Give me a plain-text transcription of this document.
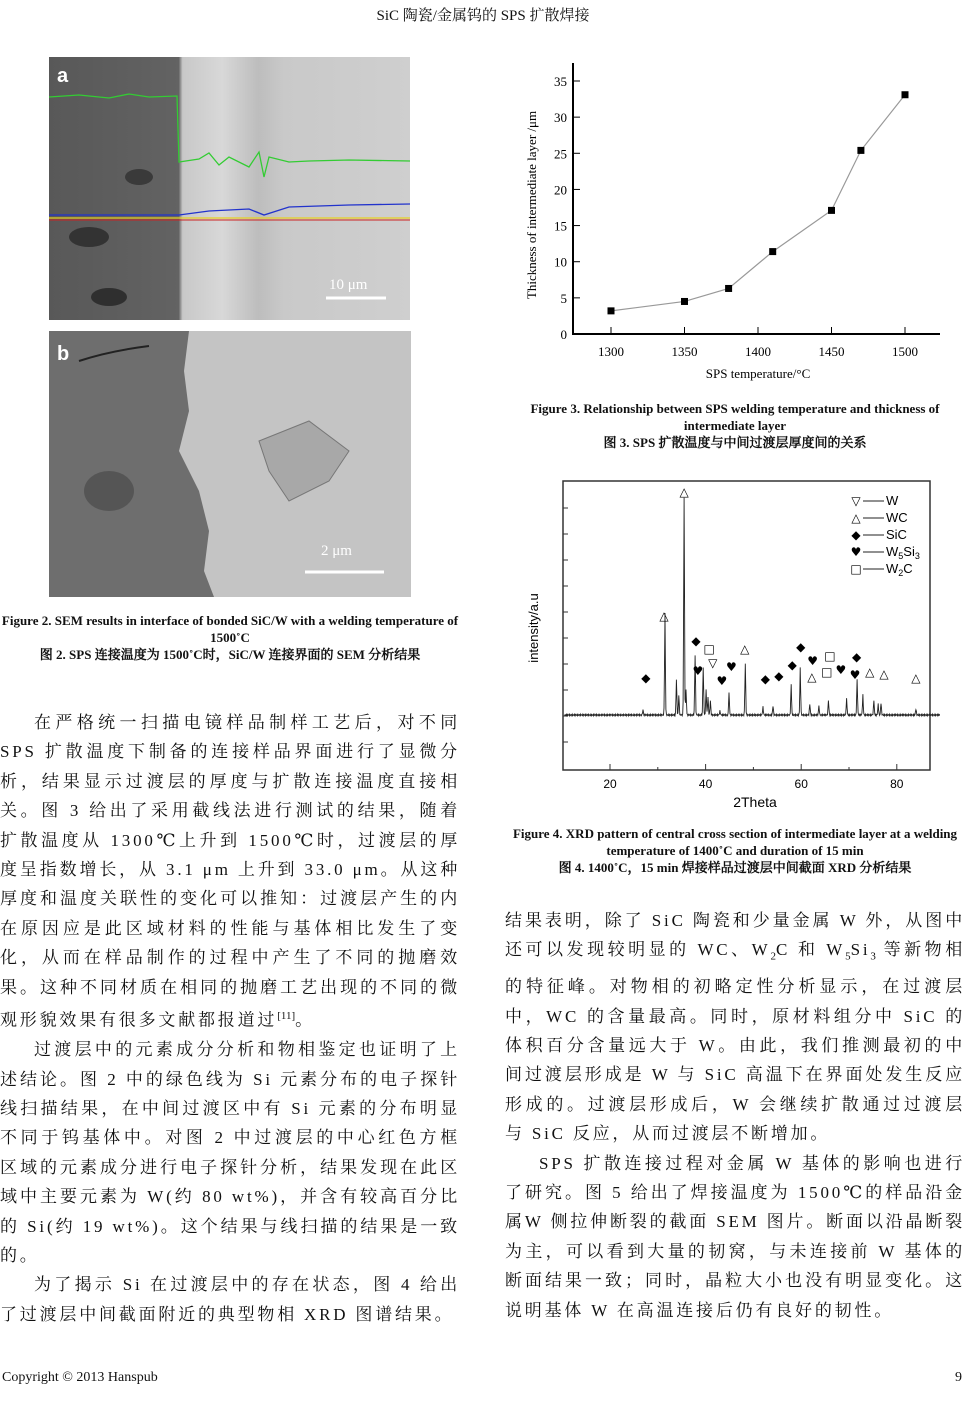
SiC 陶瓷/金属钨的 SPS 扩散焊接
a
10 μm
b
2 μm
Figure 2. SEM results in interface of bonded SiC/W with a welding temperature of 1500˚C
图 2. SPS 连接温度为 1500˚C时，SiC/W 连接界面的 SEM 分析结果

在严格统一扫描电镜样品制样工艺后，对不同SPS 扩散温度下制备的连接样品界面进行了显微分析，结果显示过渡层的厚度与扩散连接温度直接相关。图 3 给出了采用截线法进行测试的结果，随着扩散温度从 1300℃上升到 1500℃时，过渡层的厚度呈指数增长，从 3.1 μm 上升到 33.0 μm。从这种厚度和温度关联性的变化可以推知：过渡层产生的内在原因应是此区域材料的性能与基体相比发生了变化，从而在样品制作的过程中产生了不同的抛磨效果。这种不同材质在相同的抛磨工艺出现的不同的微观形貌效果有很多文献都报道过[11]。

过渡层中的元素成分分析和物相鉴定也证明了上述结论。图 2 中的绿色线为 Si 元素分布的电子探针线扫描结果，在中间过渡区中有 Si 元素的分布明显不同于钨基体中。对图 2 中过渡层的中心红色方框区域的元素成分进行电子探针分析，结果发现在此区域中主要元素为 W(约 80 wt%)，并含有较高百分比的 Si(约 19 wt%)。这个结果与线扫描的结果是一致的。

为了揭示 Si 在过渡层中的存在状态，图 4 给出了过渡层中间截面附近的典型物相 XRD 图谱结果。

0
5
10
15
20
25
30
35
1300	1350	1400	1450	1500
SPS temperature/°C
Thickness of intermediate layer /μm
Figure 3. Relationship between SPS welding temperature and thickness of intermediate layer
图 3. SPS 扩散温度与中间过渡层厚度间的关系
20	40	60	80
2Theta
intensity/a.u
◆
△
△
◆
□
▽
♥
♥
♥
△
◆ ◆
◆
◆
♥
□
△ ♥
□ ◆
♥ △ △ △
▽ W
△ WC
◆ SiC
♥ $W_5Si_3$
□ $W_2C$
Figure 4. XRD pattern of central cross section of intermediate layer at a welding temperature of 1400˚C and duration of 15 min
图 4. 1400˚C，15 min 焊接样品过渡层中间截面 XRD 分析结果

结果表明，除了 SiC 陶瓷和少量金属 W 外，从图中还可以发现较明显的 WC、$W_2C$ 和 $W_5Si_3$ 等新物相的特征峰。对物相的初略定性分析显示，在过渡层中，WC 的含量最高。同时，原材料组分中 SiC 的体积百分含量远大于 W。由此，我们推测最初的中间过渡层形成是 W 与 SiC 高温下在界面处发生反应形成的。过渡层形成后，W 会继续扩散通过过渡层与 SiC 反应，从而过渡层不断增加。

SPS 扩散连接过程对金属 W 基体的影响也进行了研究。图 5 给出了焊接温度为 1500℃的样品沿金属W 侧拉伸断裂的截面 SEM 图片。断面以沿晶断裂为主，可以看到大量的韧窝，与未连接前 W 基体的断面结果一致；同时，晶粒大小也没有明显变化。这说明基体 W 在高温连接后仍有良好的韧性。

Copyright © 2013 Hanspub	9
